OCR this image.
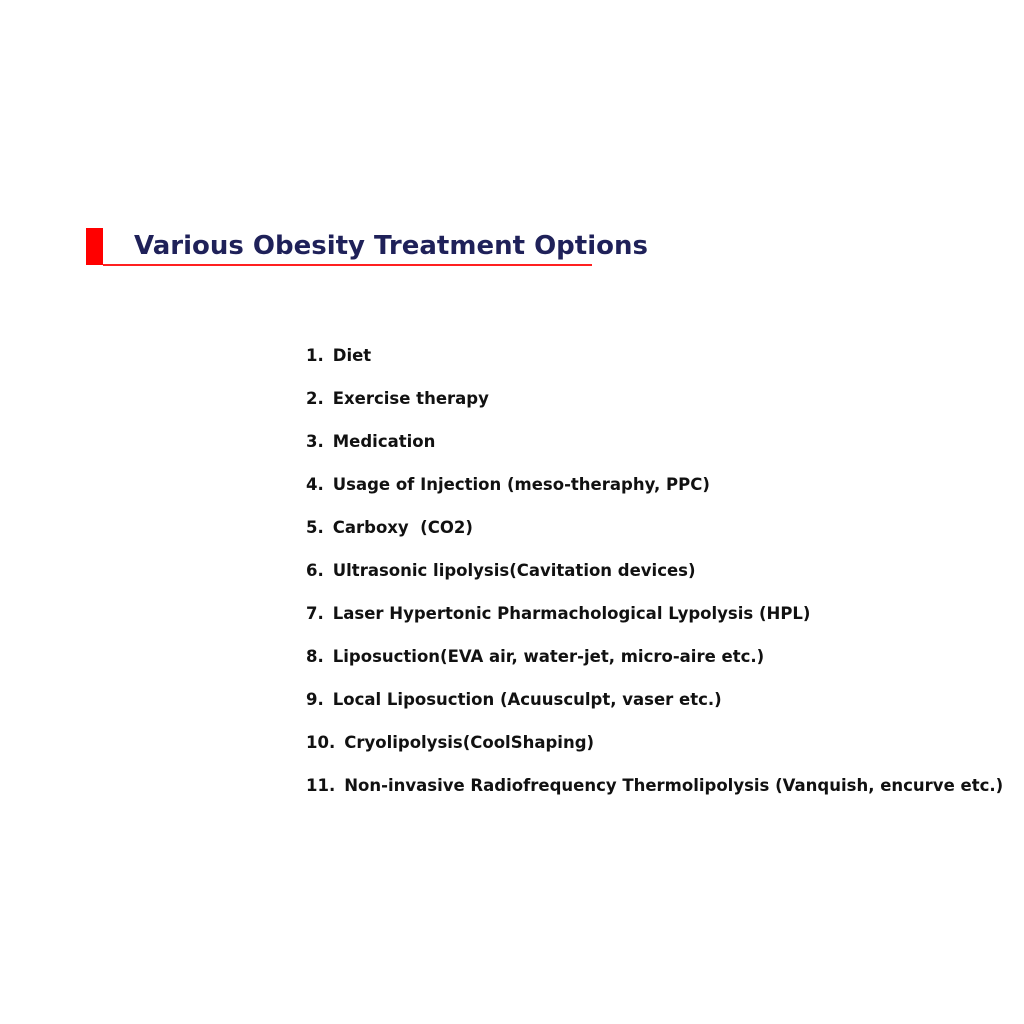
Various Obesity Treatment Options
1. Diet
2. Exercise therapy
3. Medication
4. Usage of Injection (meso-theraphy, PPC)
5. Carboxy  (CO2)
6. Ultrasonic lipolysis(Cavitation devices)
7. Laser Hypertonic Pharmachological Lypolysis (HPL)
8. Liposuction(EVA air, water-jet, micro-aire etc.)
9. Local Liposuction (Acuusculpt, vaser etc.)
10. Cryolipolysis(CoolShaping)
11. Non-invasive Radiofrequency Thermolipolysis (Vanquish, encurve etc.)
